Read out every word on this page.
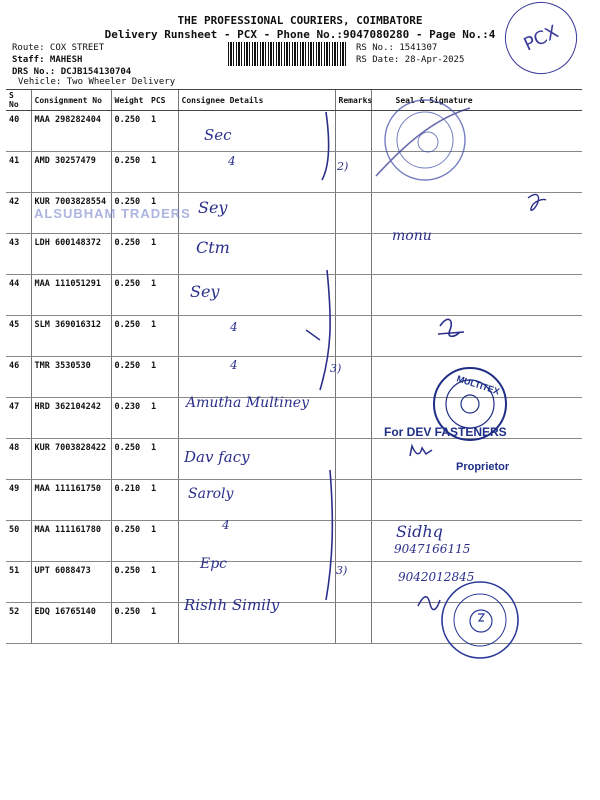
THE PROFESSIONAL COURIERS, COIMBATORE
Delivery Runsheet - PCX - Phone No.:9047080280 - Page No.:4
Route: COX STREET
Staff: MAHESH
DRS No.: DCJB154130704
Vehicle: Two Wheeler Delivery
RS No.: 1541307
RS Date: 28-Apr-2025
PCX
S No	Consignment No	Weight	PCS	Consignee Details	Remarks	Seal & Signature
40	MAA 298282404	0.250	1			
41	AMD 30257479	0.250	1			
42	KUR 7003828554	0.250	1			
43	LDH 600148372	0.250	1			
44	MAA 111051291	0.250	1			
45	SLM 369016312	0.250	1			
46	TMR 3530530	0.250	1			
47	HRD 362104242	0.230	1			
48	KUR 7003828422	0.250	1			
49	MAA 111161750	0.210	1			
50	MAA 111161780	0.250	1			
51	UPT 6088473	0.250	1			
52	EDQ 16765140	0.250	1			
ALSUBHAM TRADERS
Sec
4
Sey
Ctm
monu
Sey
4
4
Amutha Multiney
Dav facy
Saroly
4
Epc
Rishh Simily
2)
3)
3)
Sidhq
9047166115
9042012845
For DEV FASTENERS
Proprietor
MULTITEX
